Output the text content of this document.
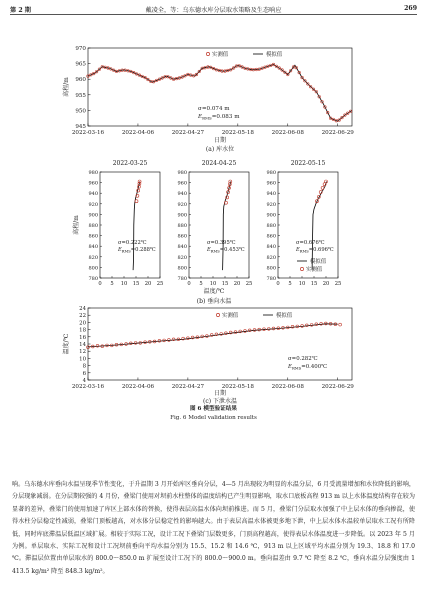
第 2 期	戴凌全，等：乌东德水库分层取水策略及生态响应	269
945
950
955
960
965
970
2022-03-16	2022-04-06	2022-04-27	2022-05-18	2022-06-08	2022-06-29
高程/m
日期
实测值	模拟值
σ=0.074 m
$E_{RMS}=0.083$ m
(a) 库水位
2022-03-25
780
800
820
840
860
880
900
920
940
960
980
0 5 10 15 20 25
σ=0.222℃
$E_{RMS}=0.288℃$
2024-04-25
780
800
820
840
860
880
900
920
940
960
980
0 5 10 15 20 25
σ=0.395℃
$E_{RMS}=0.453℃$
2022-05-15
780
800
820
840
860
880
900
920
940
960
980
0 5 10 15 20 25
σ=0.676℃
$E_{RMS}=0.696℃$
模拟值
实测值
高程/m
温度/℃
(b) 垂向水温
4
6
8
10
12
14
16
18
20
22
24
2022-03-16	2022-04-06	2022-04-27	2022-05-18	2022-06-08	2022-06-29
温度/℃
日期
实测值	模拟值
σ=0.282℃
$E_{RMS}=0.400℃$
(c) 下泄水温
图 6 模型验证结果
Fig. 6 Model validation results

响。乌东德水库垂向水温呈现季节性变化，于升温期 3 月开始库区垂向分层，4—5 月出现较为明显的水温分层，6 月受流量增加和水位降低的影响，分层现象减弱。在分层期较强的 4 月份，叠梁门使用对坝前水柱整体的温度结构已产生明显影响，取水口底板高程 913 m 以上水体温度结构存在较为显著的差异，叠梁门的使用加速了库区上部水体的替换，使得表层高温水体向坝前推进。而 5 月，叠梁门分层取水加强了中上层水体的垂向掺混，使得水柱分层稳定性减弱，叠梁门顶板越高，对水体分层稳定性的影响越大。由于表层高温水体被更多地下泄，中上层水体水温较单层取水工况有所降低，同时库底滞温层低温区域扩展。相较于实际工况，设计工况下叠梁门层数更多，门顶高程越高，使得表层水体温度进一步降低。以 2023 年 5 月为例。单层取水、实际工况和设计工况坝前垂向平均水温分别为 15.5、15.2 和 14.6 ℃，913 m 以上区域平均水温分别为 19.3、18.8 和 17.0 ℃。滞温层位置由单层取水的 800.0～850.0 m 扩展至设计工况下的 800.0～900.0 m。垂向温差由 9.7 ℃ 降至 8.2 ℃，垂向水温分层强度由 1 413.5 kg/m² 降至 848.3 kg/m²。
